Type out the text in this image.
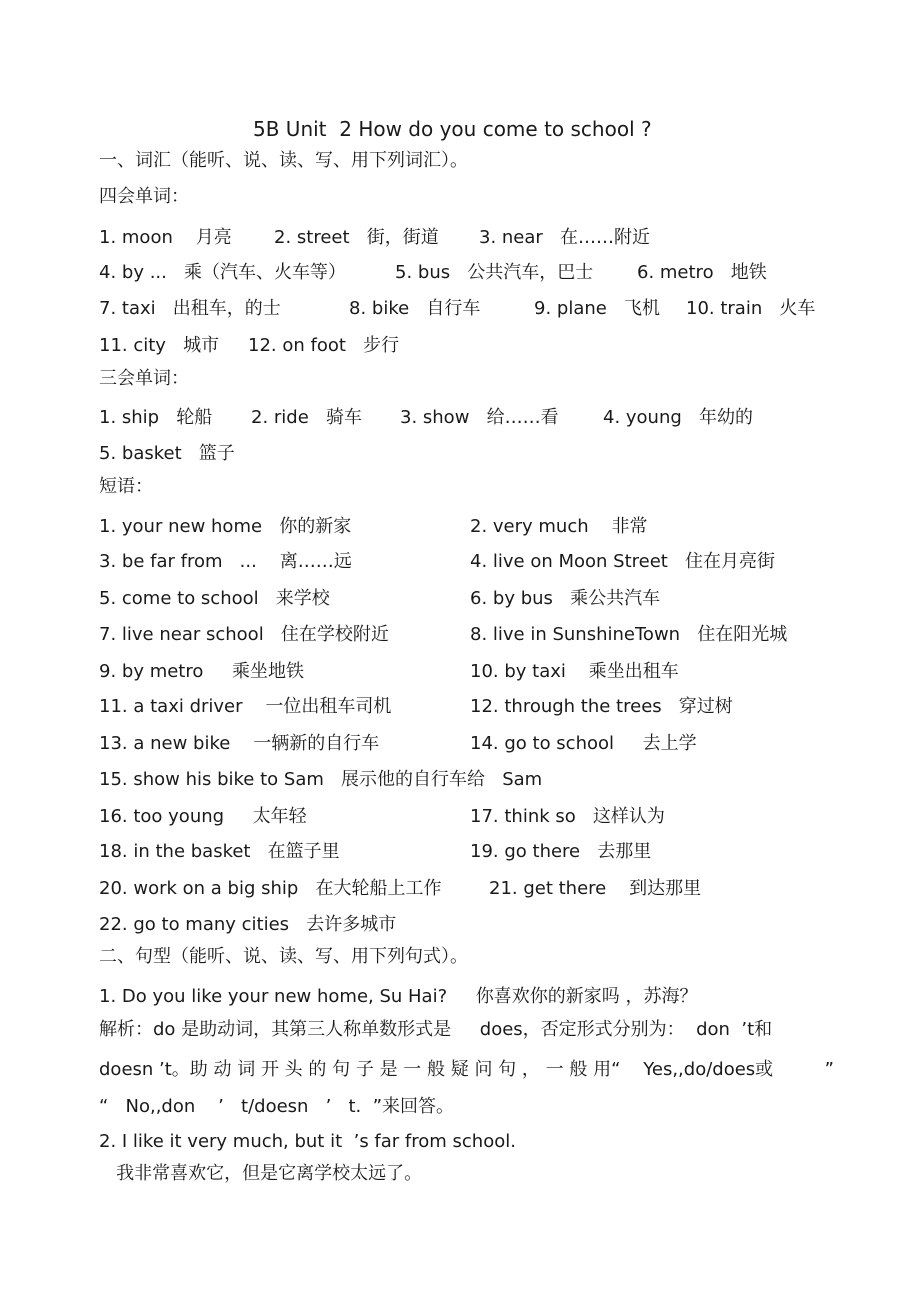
5B Unit  2 How do you come to school ?
一、词汇（能听、说、读、写、用下列词汇）。
四会单词：
1. moon    月亮 2. street   街，街道 3. near   在……附近
4. by ...   乘（汽车、火车等）	5. bus   公共汽车，巴士 6. metro   地铁
7. taxi   出租车，的士	8. bike   自行车	9. plane   飞机 10. train   火车
11. city   城市 12. on foot   步行
三会单词：
1. ship   轮船 2. ride   骑车 3. show   给……看 4. young   年幼的
5. basket   篮子
短语：
1. your new home   你的新家	2. very much    非常
3. be far from   ...    离……远	4. live on Moon Street   住在月亮街
5. come to school   来学校	6. by bus   乘公共汽车
7. live near school   住在学校附近	8. live in SunshineTown   住在阳光城
9. by metro     乘坐地铁	10. by taxi    乘坐出租车
11. a taxi driver    一位出租车司机	12. through the trees   穿过树
13. a new bike    一辆新的自行车	14. go to school     去上学
15. show his bike to Sam   展示他的自行车给   Sam
16. too young     太年轻	17. think so   这样认为
18. in the basket   在篮子里	19. go there   去那里
20. work on a big ship   在大轮船上工作	21. get there    到达那里
22. go to many cities   去许多城市
二、句型（能听、说、读、写、用下列句式）。
1. Do you like your new home, Su Hai?     你喜欢你的新家吗 ，苏海？
解析：do 是助动词，其第三人称单数形式是     does，否定形式分别为：  don  ’t和
doesn ’t。助 动 词 开 头 的 句 子 是 一 般 疑 问 句 ， 一 般 用“    Yes,,do/does或         ”
“   No,,don    ’   t/doesn   ’   t.  ”来回答。
2. I like it very much, but it  ’s far from school.
我非常喜欢它，但是它离学校太远了。
